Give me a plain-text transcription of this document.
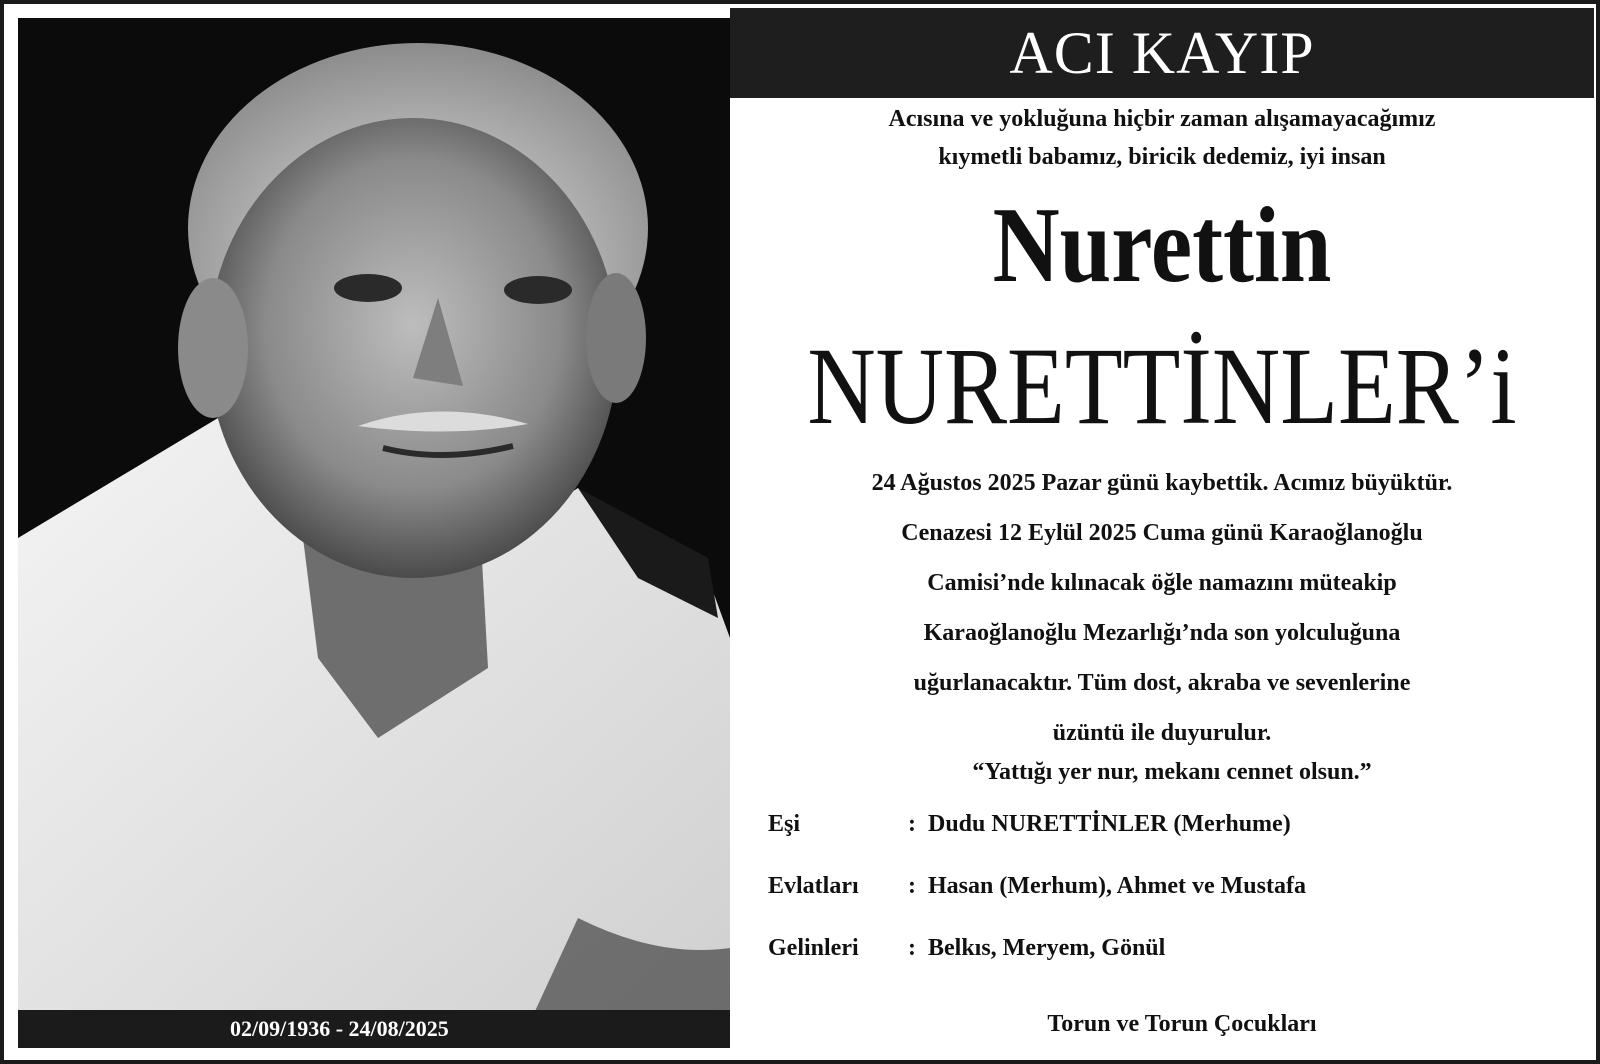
02/09/1936 - 24/08/2025
ACI KAYIP
Acısına ve yokluğuna hiçbir zaman alışamayacağımız
kıymetli babamız, biricik dedemiz, iyi insan
Nurettin
NURETTİNLER’i
24 Ağustos 2025 Pazar günü kaybettik. Acımız büyüktür.
Cenazesi 12 Eylül 2025 Cuma günü Karaoğlanoğlu
Camisi’nde kılınacak öğle namazını müteakip
Karaoğlanoğlu Mezarlığı’nda son yolculuğuna
uğurlanacaktır. Tüm dost, akraba ve sevenlerine
üzüntü ile duyurulur.
“Yattığı yer nur, mekanı cennet olsun.”
Eşi	: Dudu NURETTİNLER (Merhume)
Evlatları	: Hasan (Merhum), Ahmet ve Mustafa
Gelinleri	: Belkıs, Meryem, Gönül
Torun ve Torun Çocukları
